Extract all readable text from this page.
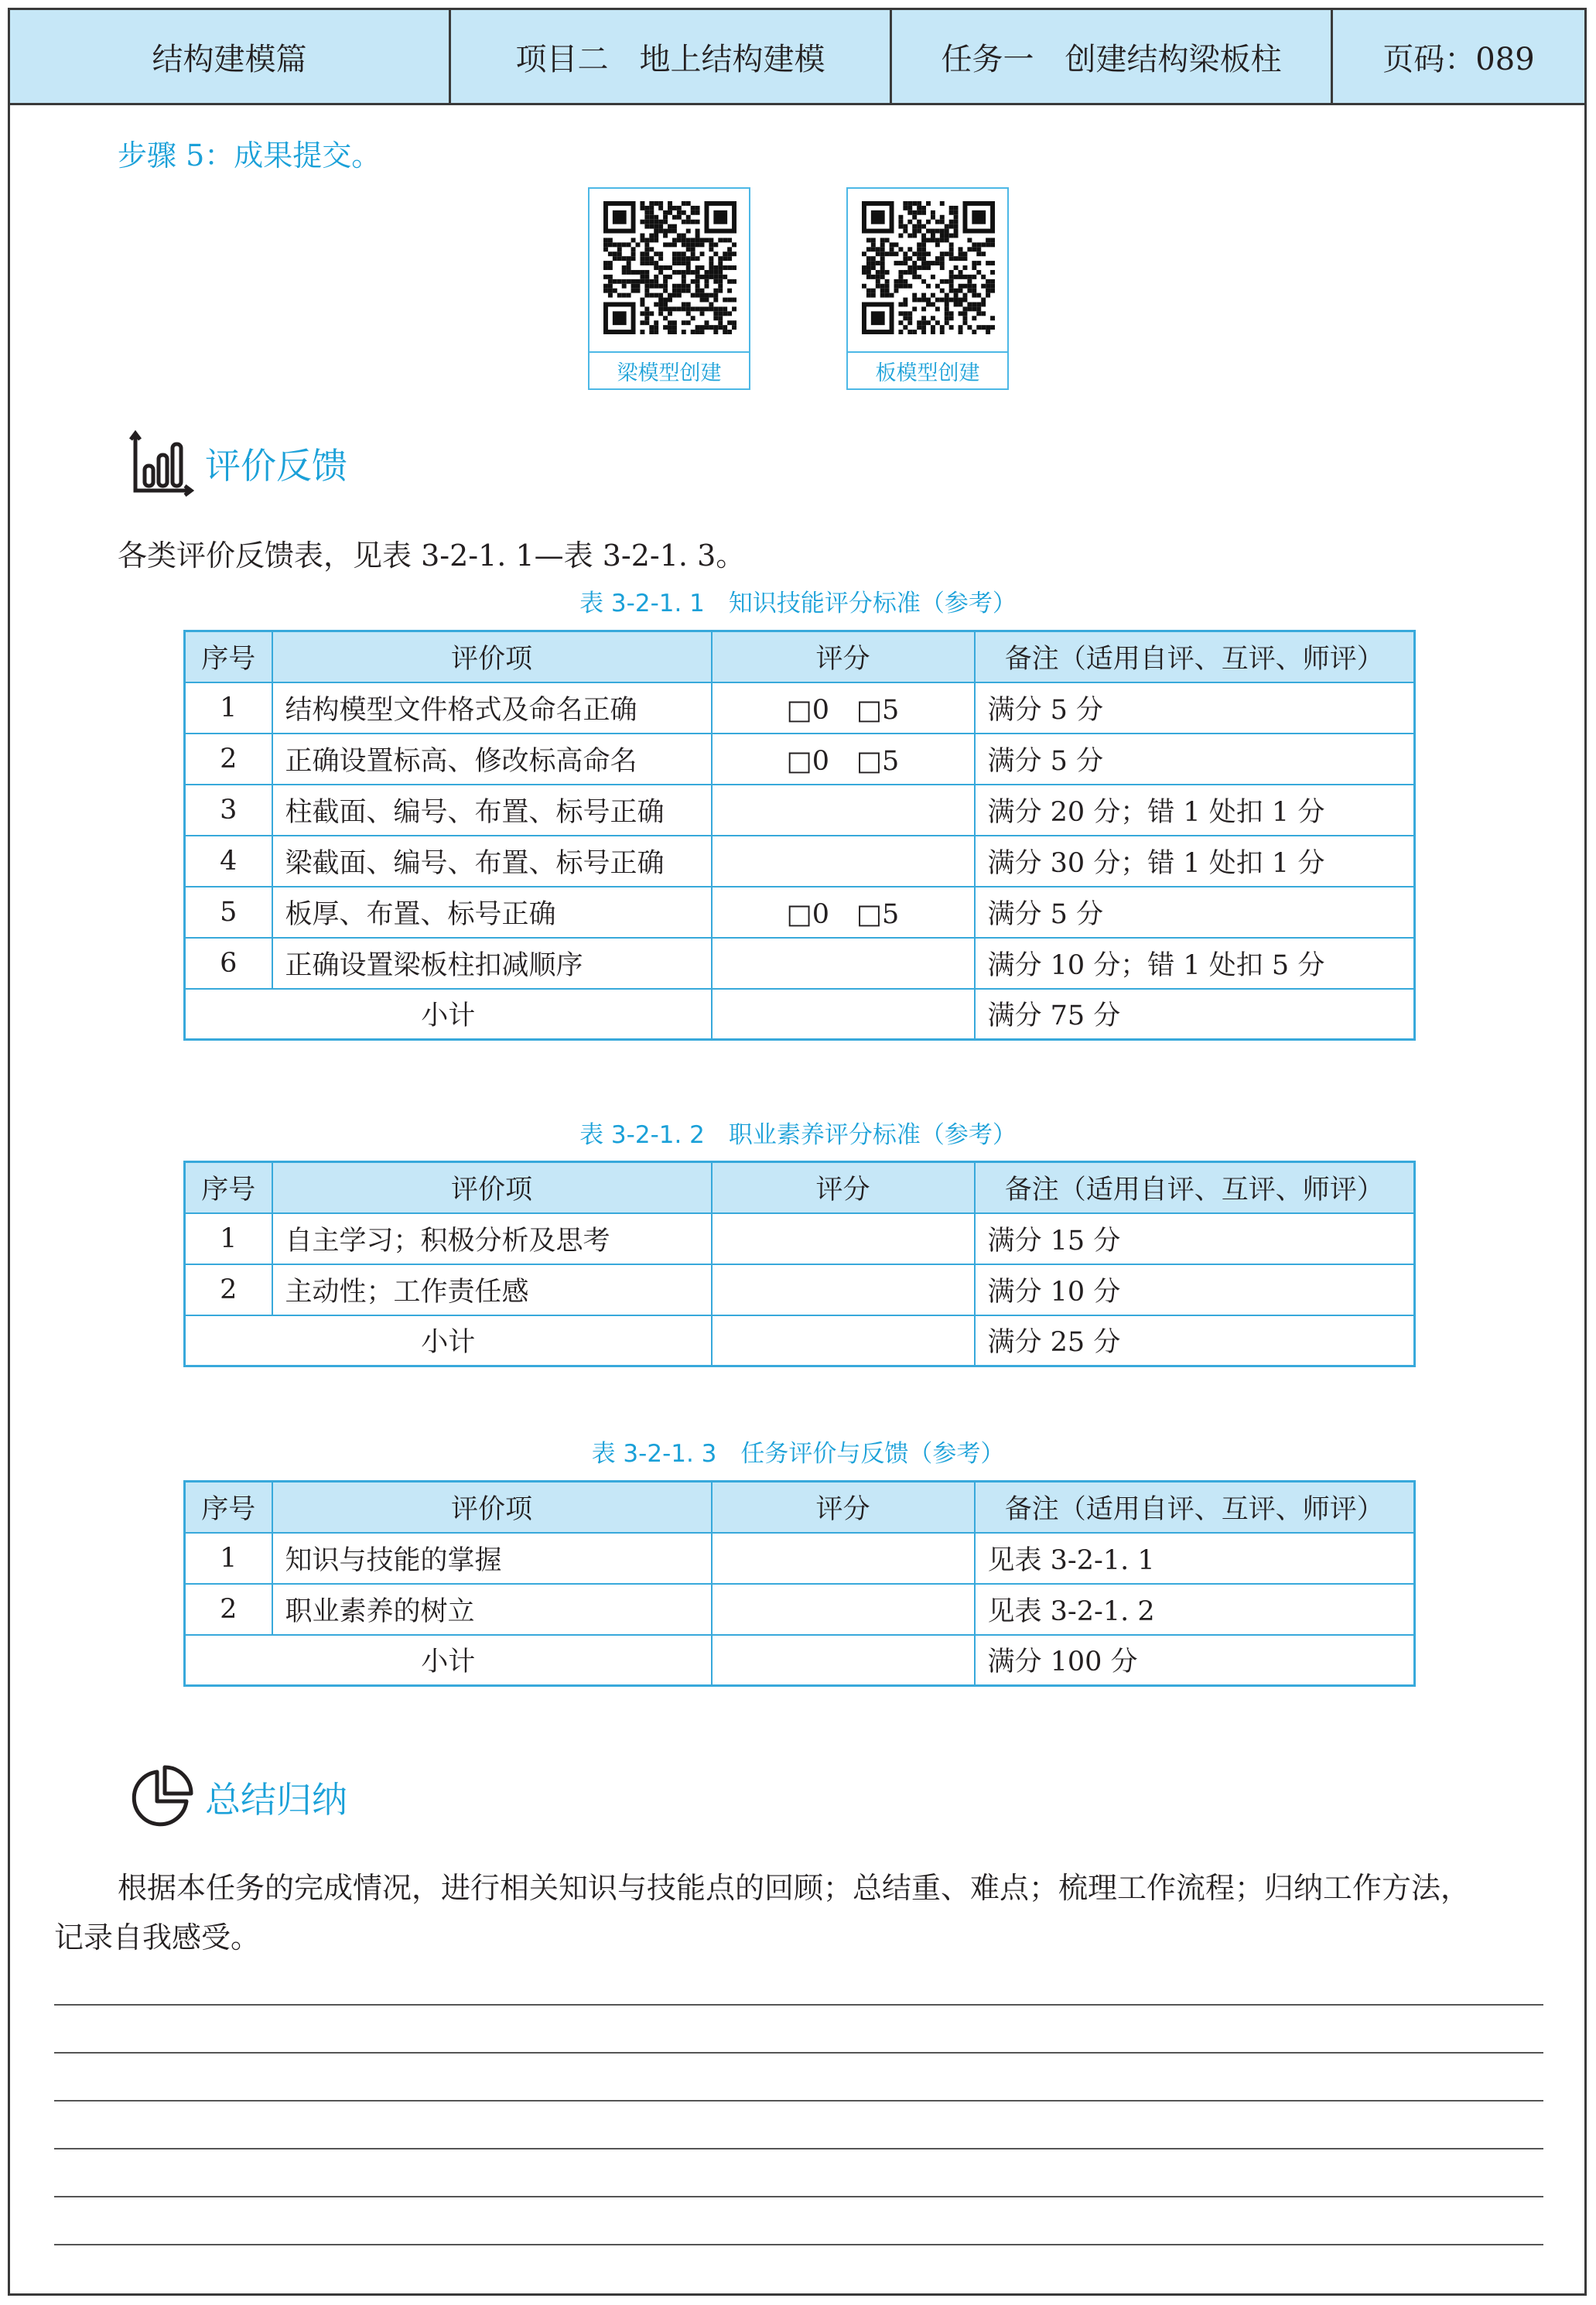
结构建模篇	项目二　地上结构建模	任务一　创建结构梁板柱	页码：089
步骤 5：成果提交。
梁模型创建	板模型创建
评价反馈
各类评价反馈表，见表 3-2-1. 1—表 3-2-1. 3。
表 3-2-1. 1　知识技能评分标准（参考）
序号	评价项	评分	备注（适用自评、互评、师评）
1	结构模型文件格式及命名正确	□0　□5	满分 5 分
2	正确设置标高、修改标高命名	□0　□5	满分 5 分
3	柱截面、编号、布置、标号正确		满分 20 分；错 1 处扣 1 分
4	梁截面、编号、布置、标号正确		满分 30 分；错 1 处扣 1 分
5	板厚、布置、标号正确	□0　□5	满分 5 分
6	正确设置梁板柱扣减顺序		满分 10 分；错 1 处扣 5 分
小计			满分 75 分
表 3-2-1. 2　职业素养评分标准（参考）
序号	评价项	评分	备注（适用自评、互评、师评）
1	自主学习；积极分析及思考		满分 15 分
2	主动性；工作责任感		满分 10 分
小计			满分 25 分
表 3-2-1. 3　任务评价与反馈（参考）
序号	评价项	评分	备注（适用自评、互评、师评）
1	知识与技能的掌握		见表 3-2-1. 1
2	职业素养的树立		见表 3-2-1. 2
小计			满分 100 分
总结归纳
根据本任务的完成情况，进行相关知识与技能点的回顾；总结重、难点；梳理工作流程；归纳工作方法，
记录自我感受。
